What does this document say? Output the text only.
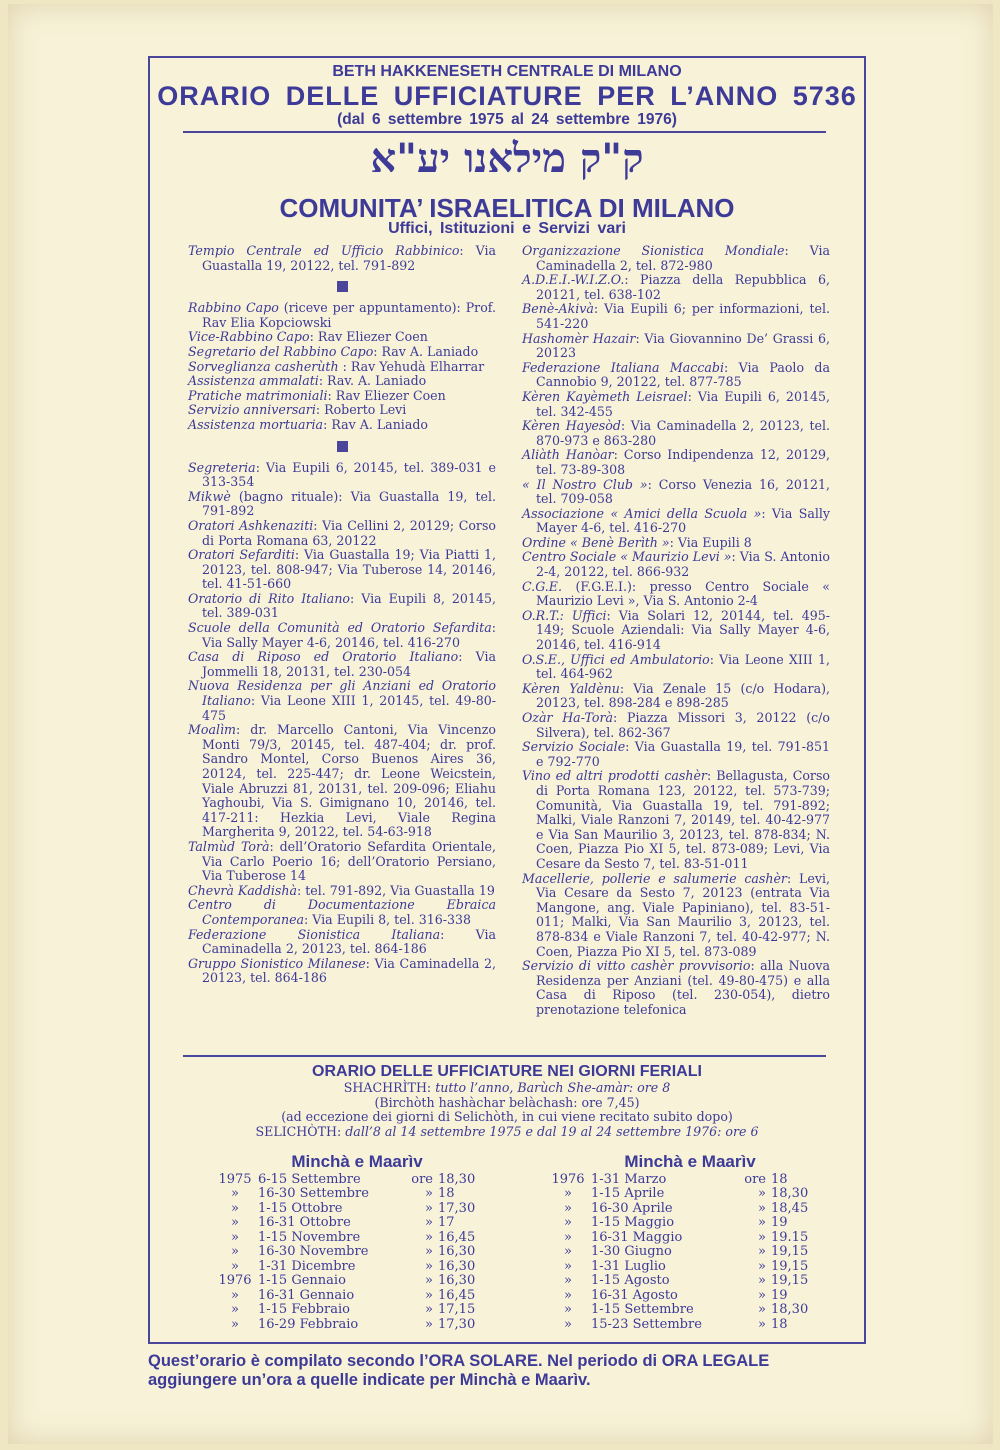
BETH HAKKENESETH CENTRALE DI MILANO
ORARIO DELLE UFFICIATURE PER L’ANNO 5736
(dal 6 settembre 1975 al 24 settembre 1976)
ק"ק מילאנו יע"א
COMUNITA’ ISRAELITICA DI MILANO
Uffici, Istituzioni e Servizi vari
Tempio Centrale ed Ufficio Rabbinico: Via Guastalla 19, 20122, tel. 791-892
Rabbino Capo (riceve per appuntamento): Prof. Rav Elia Kopciowski
Vice-Rabbino Capo: Rav Eliezer Coen
Segretario del Rabbino Capo: Rav A. Laniado
Sorveglianza casherùth : Rav Yehudà Elharrar
Assistenza ammalati: Rav. A. Laniado
Pratiche matrimoniali: Rav Eliezer Coen
Servizio anniversari: Roberto Levi
Assistenza mortuaria: Rav A. Laniado
Segreteria: Via Eupili 6, 20145, tel. 389-031 e 313-354
Mikwè (bagno rituale): Via Guastalla 19, tel. 791-892
Oratori Ashkenaziti: Via Cellini 2, 20129; Corso di Porta Romana 63, 20122
Oratori Sefarditi: Via Guastalla 19; Via Piatti 1, 20123, tel. 808-947; Via Tuberose 14, 20146, tel. 41-51-660
Oratorio di Rito Italiano: Via Eupili 8, 20145, tel. 389-031
Scuole della Comunità ed Oratorio Sefardita: Via Sally Mayer 4-6, 20146, tel. 416-270
Casa di Riposo ed Oratorio Italiano: Via Jommelli 18, 20131, tel. 230-054
Nuova Residenza per gli Anziani ed Oratorio Italiano: Via Leone XIII 1, 20145, tel. 49-80-475
Moalìm: dr. Marcello Cantoni, Via Vincenzo Monti 79/3, 20145, tel. 487-404; dr. prof. Sandro Montel, Corso Buenos Aires 36, 20124, tel. 225-447; dr. Leone Weicstein, Viale Abruzzi 81, 20131, tel. 209-096; Eliahu Yaghoubi, Via S. Gimignano 10, 20146, tel. 417-211: Hezkia Levi, Viale Regina Margherita 9, 20122, tel. 54-63-918
Talmùd Torà: dell’Oratorio Sefardita Orientale, Via Carlo Poerio 16; dell’Oratorio Persiano, Via Tuberose 14
Chevrà Kaddishà: tel. 791-892, Via Guastalla 19
Centro di Documentazione Ebraica Contemporanea: Via Eupili 8, tel. 316-338
Federazione Sionistica Italiana: Via Caminadella 2, 20123, tel. 864-186
Gruppo Sionistico Milanese: Via Caminadella 2, 20123, tel. 864-186
Organizzazione Sionistica Mondiale: Via Caminadella 2, tel. 872-980
A.D.E.I.-W.I.Z.O.: Piazza della Repubblica 6, 20121, tel. 638-102
Benè-Akivà: Via Eupili 6; per informazioni, tel. 541-220
Hashomèr Hazair: Via Giovannino De’ Grassi 6, 20123
Federazione Italiana Maccabi: Via Paolo da Cannobio 9, 20122, tel. 877-785
Kèren Kayèmeth Leisrael: Via Eupili 6, 20145, tel. 342-455
Kèren Hayesòd: Via Caminadella 2, 20123, tel. 870-973 e 863-280
Aliàth Hanòar: Corso Indipendenza 12, 20129, tel. 73-89-308
« Il Nostro Club »: Corso Venezia 16, 20121, tel. 709-058
Associazione « Amici della Scuola »: Via Sally Mayer 4-6, tel. 416-270
Ordine « Benè Berìth »: Via Eupili 8
Centro Sociale « Maurizio Levi »: Via S. Antonio 2-4, 20122, tel. 866-932
C.G.E. (F.G.E.I.): presso Centro Sociale « Maurizio Levi », Via S. Antonio 2-4
O.R.T.: Uffici: Via Solari 12, 20144, tel. 495-149; Scuole Aziendali: Via Sally Mayer 4-6, 20146, tel. 416-914
O.S.E., Uffici ed Ambulatorio: Via Leone XIII 1, tel. 464-962
Kèren Yaldènu: Via Zenale 15 (c/o Hodara), 20123, tel. 898-284 e 898-285
Ozàr Ha-Torà: Piazza Missori 3, 20122 (c/o Silvera), tel. 862-367
Servizio Sociale: Via Guastalla 19, tel. 791-851 e 792-770
Vino ed altri prodotti cashèr: Bellagusta, Corso di Porta Romana 123, 20122, tel. 573-739; Comunità, Via Guastalla 19, tel. 791-892; Malki, Viale Ranzoni 7, 20149, tel. 40-42-977 e Via San Maurilio 3, 20123, tel. 878-834; N. Coen, Piazza Pio XI 5, tel. 873-089; Levi, Via Cesare da Sesto 7, tel. 83-51-011
Macellerie, pollerie e salumerie cashèr: Levi, Via Cesare da Sesto 7, 20123 (entrata Via Mangone, ang. Viale Papiniano), tel. 83-51-011; Malki, Via San Maurilio 3, 20123, tel. 878-834 e Viale Ranzoni 7, tel. 40-42-977; N. Coen, Piazza Pio XI 5, tel. 873-089
Servizio di vitto cashèr provvisorio: alla Nuova Residenza per Anziani (tel. 49-80-475) e alla Casa di Riposo (tel. 230-054), dietro prenotazione telefonica
ORARIO DELLE UFFICIATURE NEI GIORNI FERIALI
SHACHRÌTH: tutto l’anno, Barùch She-amàr: ore 8
(Birchòth hashàchar belàchash: ore 7,45)
(ad eccezione dei giorni di Selichòth, in cui viene recitato subito dopo)
SELICHÒTH: dall’8 al 14 settembre 1975 e dal 19 al 24 settembre 1976: ore 6
Minchà e Maarìv
1975 6-15 Settembre	ore 18,30
»	16-30 Settembre	» 18
»	1-15 Ottobre	» 17,30
»	16-31 Ottobre	» 17
»	1-15 Novembre	» 16,45
»	16-30 Novembre	» 16,30
»	1-31 Dicembre	» 16,30
1976 1-15 Gennaio	» 16,30
»	16-31 Gennaio	» 16,45
»	1-15 Febbraio	» 17,15
»	16-29 Febbraio	» 17,30
Minchà e Maarìv
1976 1-31 Marzo	ore 18
»	1-15 Aprile	» 18,30
»	16-30 Aprile	» 18,45
»	1-15 Maggio	» 19
»	16-31 Maggio	» 19.15
»	1-30 Giugno	» 19,15
»	1-31 Luglio	» 19,15
»	1-15 Agosto	» 19,15
»	16-31 Agosto	» 19
»	1-15 Settembre	» 18,30
»	15-23 Settembre	» 18
Quest’orario è compilato secondo l’ORA SOLARE. Nel periodo di ORA LEGALE
aggiungere un’ora a quelle indicate per Minchà e Maarìv.
